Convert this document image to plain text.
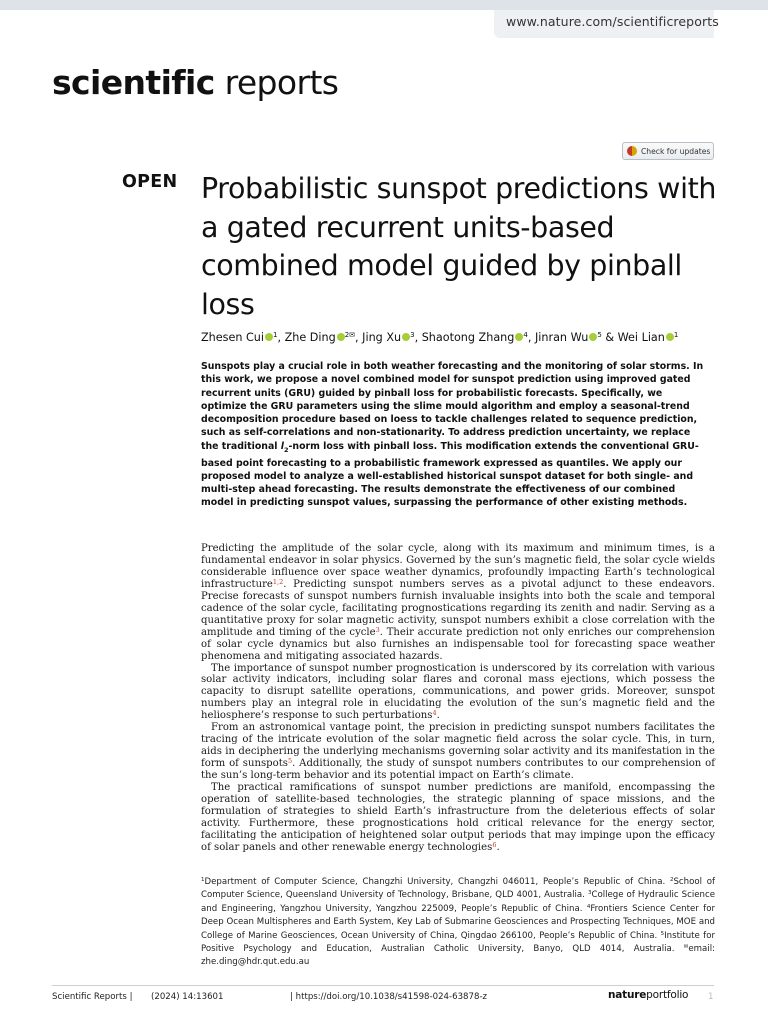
www.nature.com/scientificreports
scientific reports
Check for updates
OPEN Probabilistic sunspot predictions with a gated recurrent units-based combined model guided by pinball loss
Zhesen Cui $^1$, Zhe Ding $^{2✉}$, Jing Xu $^3$, Shaotong Zhang $^4$, Jinran Wu $^5$ & Wei Lian $^1$

Sunspots play a crucial role in both weather forecasting and the monitoring of solar storms. In this work, we propose a novel combined model for sunspot prediction using improved gated recurrent units (GRU) guided by pinball loss for probabilistic forecasts. Specifically, we optimize the GRU parameters using the slime mould algorithm and employ a seasonal-trend decomposition procedure based on loess to tackle challenges related to sequence prediction, such as self-correlations and non-stationarity. To address prediction uncertainty, we replace the traditional $l_2$-norm loss with pinball loss. This modification extends the conventional GRU-based point forecasting to a probabilistic framework expressed as quantiles. We apply our proposed model to analyze a well-established historical sunspot dataset for both single- and multi-step ahead forecasting. The results demonstrate the effectiveness of our combined model in predicting sunspot values, surpassing the performance of other existing methods.

Predicting the amplitude of the solar cycle, along with its maximum and minimum times, is a fundamental endeavor in solar physics. Governed by the sun’s magnetic field, the solar cycle wields considerable influence over space weather dynamics, profoundly impacting Earth’s technological infrastructure$^{1,2}$. Predicting sunspot numbers serves as a pivotal adjunct to these endeavors. Precise forecasts of sunspot numbers furnish invaluable insights into both the scale and temporal cadence of the solar cycle, facilitating prognostications regarding its zenith and nadir. Serving as a quantitative proxy for solar magnetic activity, sunspot numbers exhibit a close correlation with the amplitude and timing of the cycle$^3$. Their accurate prediction not only enriches our comprehension of solar cycle dynamics but also furnishes an indispensable tool for forecasting space weather phenomena and mitigating associated hazards.

The importance of sunspot number prognostication is underscored by its correlation with various solar activity indicators, including solar flares and coronal mass ejections, which possess the capacity to disrupt satellite operations, communications, and power grids. Moreover, sunspot numbers play an integral role in elucidating the evolution of the sun’s magnetic field and the heliosphere’s response to such perturbations$^4$.

From an astronomical vantage point, the precision in predicting sunspot numbers facilitates the tracing of the intricate evolution of the solar magnetic field across the solar cycle. This, in turn, aids in deciphering the underlying mechanisms governing solar activity and its manifestation in the form of sunspots$^5$. Additionally, the study of sunspot numbers contributes to our comprehension of the sun’s long-term behavior and its potential impact on Earth’s climate.

The practical ramifications of sunspot number predictions are manifold, encompassing the operation of satellite-based technologies, the strategic planning of space missions, and the formulation of strategies to shield Earth’s infrastructure from the deleterious effects of solar activity. Furthermore, these prognostications hold critical relevance for the energy sector, facilitating the anticipation of heightened solar output periods that may impinge upon the efficacy of solar panels and other renewable energy technologies$^6$.

$^1$Department of Computer Science, Changzhi University, Changzhi 046011, People’s Republic of China. $^2$School of Computer Science, Queensland University of Technology, Brisbane, QLD 4001, Australia. $^3$College of Hydraulic Science and Engineering, Yangzhou University, Yangzhou 225009, People’s Republic of China. $^4$Frontiers Science Center for Deep Ocean Multispheres and Earth System, Key Lab of Submarine Geosciences and Prospecting Techniques, MOE and College of Marine Geosciences, Ocean University of China, Qingdao 266100, People’s Republic of China. $^5$Institute for Positive Psychology and Education, Australian Catholic University, Banyo, QLD 4014, Australia. ✉email: zhe.ding@hdr.qut.edu.au

Scientific Reports | (2024) 14:13601	| https://doi.org/10.1038/s41598-024-63878-z	natureportfolio 1
